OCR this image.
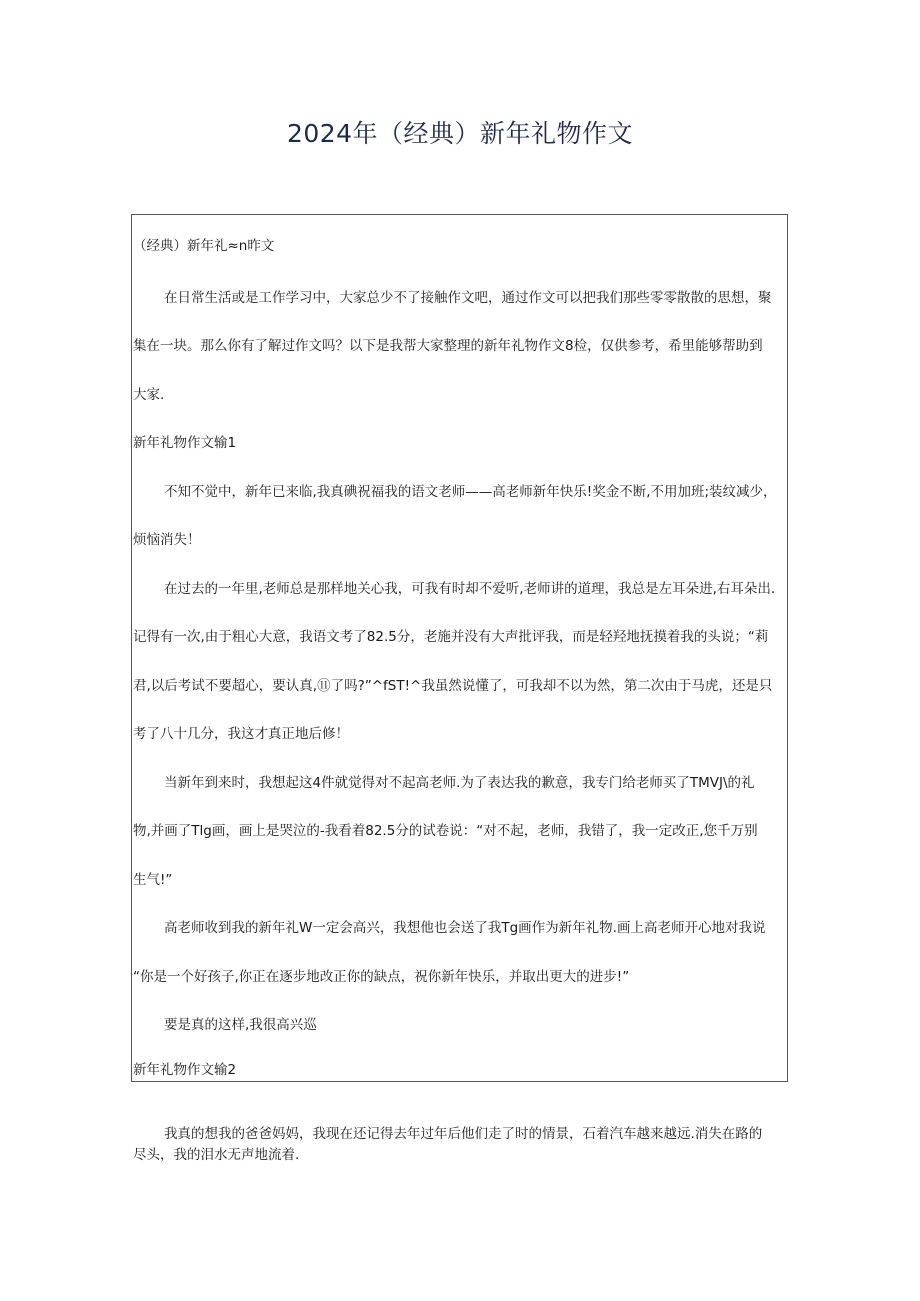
2024年（经典）新年礼物作文

（经典）新年礼≈n昨文

在日常生活或是工作学习中，大家总少不了接触作文吧，通过作文可以把我们那些零零散散的思想，聚

集在一块。那么你有了解过作文吗？以下是我帮大家整理的新年礼物作文8检，仅供参考，希里能够帮助到

大家.

新年礼物作文输1

不知不觉中，新年已来临,我真碘祝福我的语文老师——高老师新年快乐!奖金不断,不用加班;装纹减少，

烦恼消失！

在过去的一年里,老师总是那样地关心我，可我有时却不爱听,老师讲的道理，我总是左耳朵进,右耳朵出.

记得有一次,由于粗心大意，我语文考了82.5分，老施并没有大声批评我，而是轻羟地抚摸着我的头说；“莉

君,以后考试不要超心，要认真,⑪了吗?”^fST!^我虽然说懂了，可我却不以为然，第二次由于马虎，还是只

考了八十几分，我这才真正地后修！

当新年到来时，我想起这4件就觉得对不起高老师.为了表达我的歉意，我专门给老师买了TMVJ\的礼

物,并画了Tlg画，画上是哭泣的-我看着82.5分的试卷说：“对不起，老师，我错了，我一定改正,您千万别

生气!”

高老师收到我的新年礼W一定会高兴，我想他也会送了我Tg画作为新年礼物.画上高老师开心地对我说

“你是一个好孩子,你正在逐步地改正你的缺点，祝你新年快乐，并取出更大的进步!”

要是真的这样,我很高兴巡

新年礼物作文输2

我真的想我的爸爸妈妈，我现在还记得去年过年后他们走了时的情景，石着汽车越来越远.消失在路的

尽头，我的泪水无声地流着.
